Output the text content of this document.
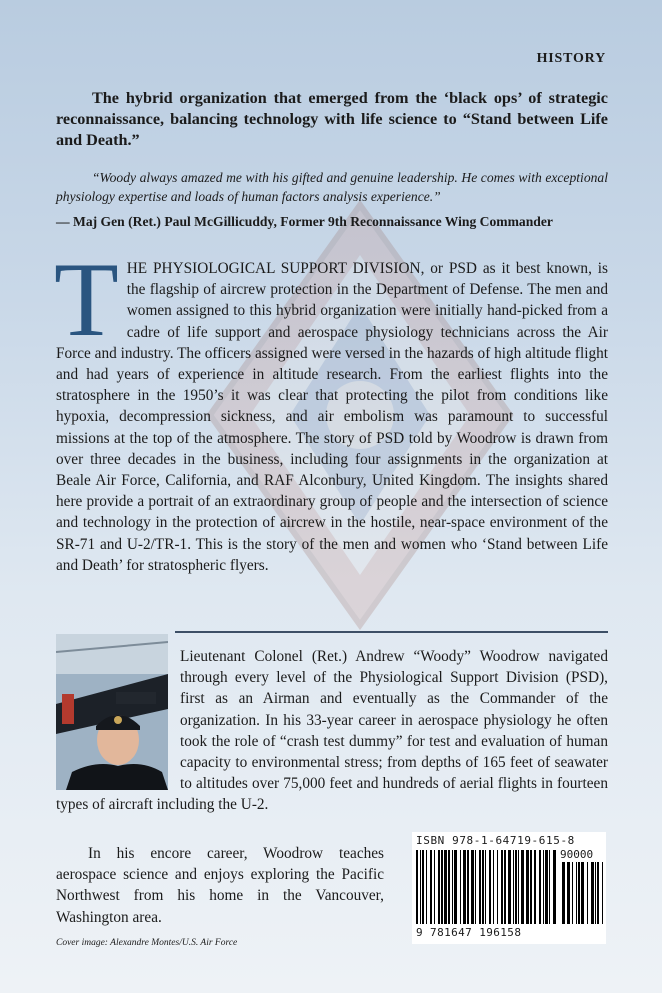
HISTORY
The hybrid organization that emerged from the ‘black ops’ of strategic reconnaissance, balancing technology with life science to “Stand between Life and Death.”
“Woody always amazed me with his gifted and genuine leadership. He comes with exceptional physiology expertise and loads of human factors analysis experience.”
— Maj Gen (Ret.) Paul McGillicuddy, Former 9th Reconnaissance Wing Commander
T HE PHYSIOLOGICAL SUPPORT DIVISION, or PSD as it best known, is the flagship of aircrew protection in the Department of Defense. The men and women assigned to this hybrid organization were initially hand-picked from a cadre of life support and aerospace physiology technicians across the Air Force and industry. The officers assigned were versed in the hazards of high altitude flight and had years of experience in altitude research. From the earliest flights into the stratosphere in the 1950’s it was clear that protecting the pilot from conditions like hypoxia, decompression sickness, and air embolism was paramount to successful missions at the top of the atmosphere. The story of PSD told by Woodrow is drawn from over three decades in the business, including four assignments in the organization at Beale Air Force, California, and RAF Alconbury, United Kingdom. The insights shared here provide a portrait of an extraordinary group of people and the intersection of science and technology in the protection of aircrew in the hostile, near-space environment of the SR-71 and U-2/TR-1. This is the story of the men and women who ‘Stand between Life and Death’ for stratospheric flyers.
Lieutenant Colonel (Ret.) Andrew “Woody” Woodrow navigated through every level of the Physiological Support Division (PSD), first as an Airman and eventually as the Commander of the organization. In his 33-year career in aerospace physiology he often took the role of “crash test dummy” for test and evaluation of human capacity to environmental stress; from depths of 165 feet of seawater to altitudes over 75,000 feet and hundreds of aerial flights in fourteen types of aircraft including the U-2.
In his encore career, Woodrow teaches aerospace science and enjoys exploring the Pacific Northwest from his home in the Vancouver, Washington area.
Cover image: Alexandre Montes/U.S. Air Force
ISBN 978-1-64719-615-8
90000
9 781647 196158
